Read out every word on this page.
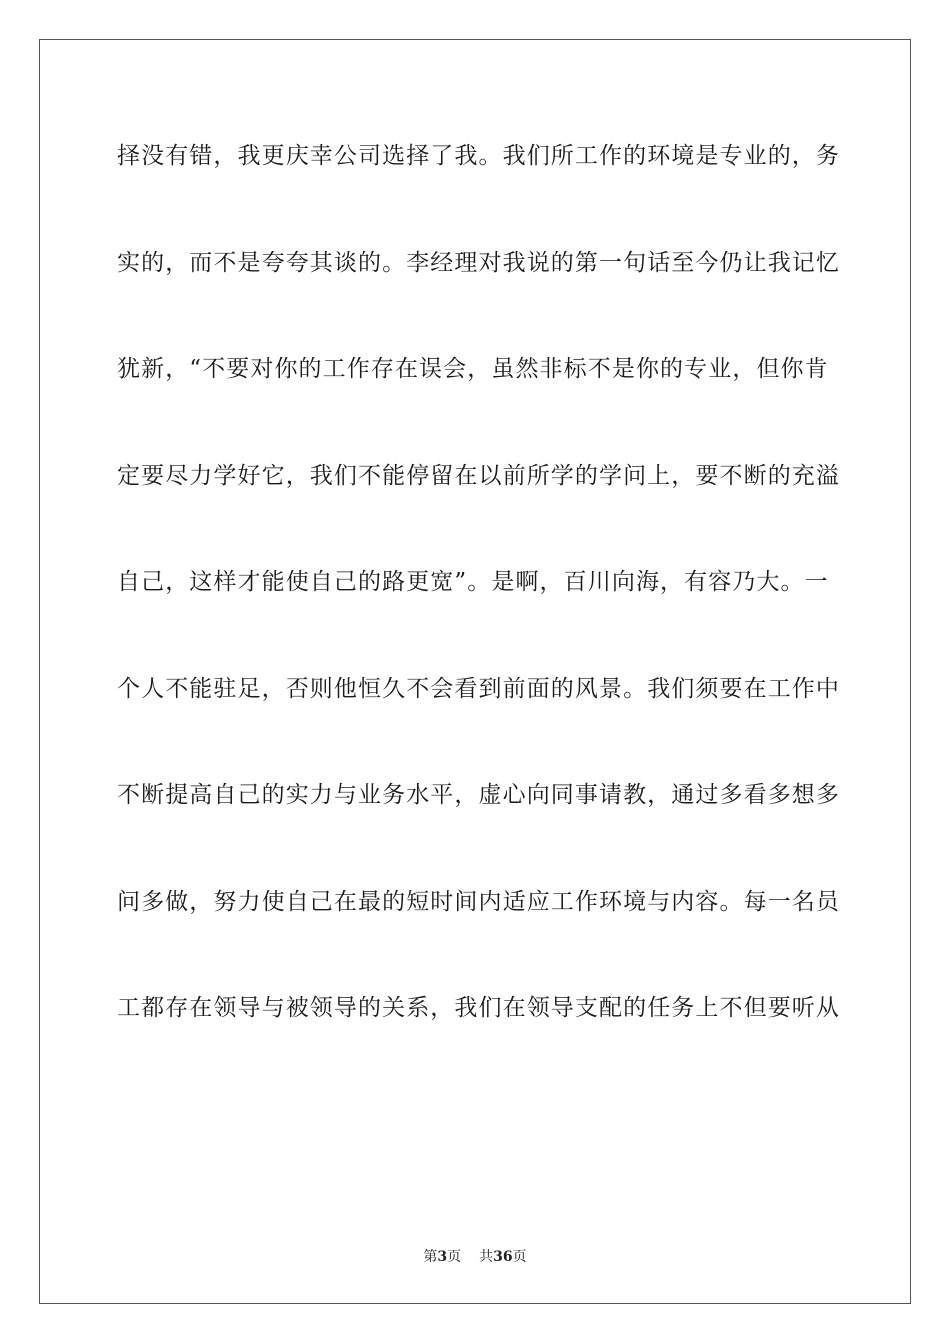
择没有错，我更庆幸公司选择了我。我们所工作的环境是专业的，务

实的，而不是夸夸其谈的。李经理对我说的第一句话至今仍让我记忆

犹新，“不要对你的工作存在误会，虽然非标不是你的专业，但你肯

定要尽力学好它，我们不能停留在以前所学的学问上，要不断的充溢

自己，这样才能使自己的路更宽”。是啊，百川向海，有容乃大。一

个人不能驻足，否则他恒久不会看到前面的风景。我们须要在工作中

不断提高自己的实力与业务水平，虚心向同事请教，通过多看多想多

问多做，努力使自己在最的短时间内适应工作环境与内容。每一名员

工都存在领导与被领导的关系，我们在领导支配的任务上不但要听从

第3页 共36页
